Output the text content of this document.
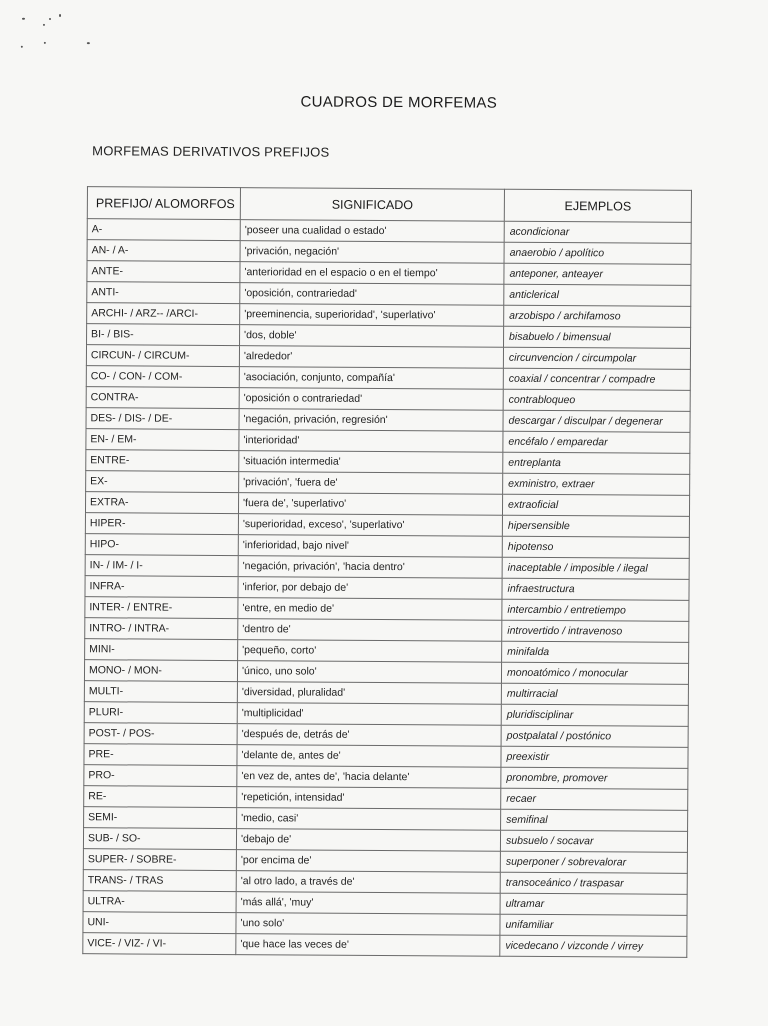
CUADROS DE MORFEMAS
MORFEMAS DERIVATIVOS PREFIJOS
PREFIJO/ ALOMORFOS	SIGNIFICADO	EJEMPLOS
A-	'poseer una cualidad o estado'	acondicionar
AN- / A-	'privación, negación'	anaerobio / apolítico
ANTE-	'anterioridad en el espacio o en el tiempo'	anteponer, anteayer
ANTI-	'oposición, contrariedad'	anticlerical
ARCHI- / ARZ-- /ARCI-	'preeminencia, superioridad', 'superlativo'	arzobispo / archifamoso
BI- / BIS-	'dos, doble'	bisabuelo / bimensual
CIRCUN- / CIRCUM-	'alrededor'	circunvencion / circumpolar
CO- / CON- / COM-	'asociación, conjunto, compañía'	coaxial / concentrar / compadre
CONTRA-	'oposición o contrariedad'	contrabloqueo
DES- / DIS- / DE-	'negación, privación, regresión'	descargar / disculpar / degenerar
EN- / EM-	'interioridad'	encéfalo / emparedar
ENTRE-	'situación intermedia'	entreplanta
EX-	'privación', 'fuera de'	exministro, extraer
EXTRA-	'fuera de', 'superlativo'	extraoficial
HIPER-	'superioridad, exceso', 'superlativo'	hipersensible
HIPO-	'inferioridad, bajo nivel'	hipotenso
IN- / IM- / I-	'negación, privación', 'hacia dentro'	inaceptable / imposible / ilegal
INFRA-	'inferior, por debajo de'	infraestructura
INTER- / ENTRE-	'entre, en medio de'	intercambio / entretiempo
INTRO- / INTRA-	'dentro de'	introvertido / intravenoso
MINI-	'pequeño, corto'	minifalda
MONO- / MON-	'único, uno solo'	monoatómico / monocular
MULTI-	'diversidad, pluralidad'	multirracial
PLURI-	'multiplicidad'	pluridisciplinar
POST- / POS-	'después de, detrás de'	postpalatal / postónico
PRE-	'delante de, antes de'	preexistir
PRO-	'en vez de, antes de', 'hacia delante'	pronombre, promover
RE-	'repetición, intensidad'	recaer
SEMI-	'medio, casi'	semifinal
SUB- / SO-	'debajo de'	subsuelo / socavar
SUPER- / SOBRE-	'por encima de'	superponer / sobrevalorar
TRANS- / TRAS	'al otro lado, a través de'	transoceánico / traspasar
ULTRA-	'más allá', 'muy'	ultramar
UNI-	'uno solo'	unifamiliar
VICE- / VIZ- / VI-	'que hace las veces de'	vicedecano / vizconde / virrey
